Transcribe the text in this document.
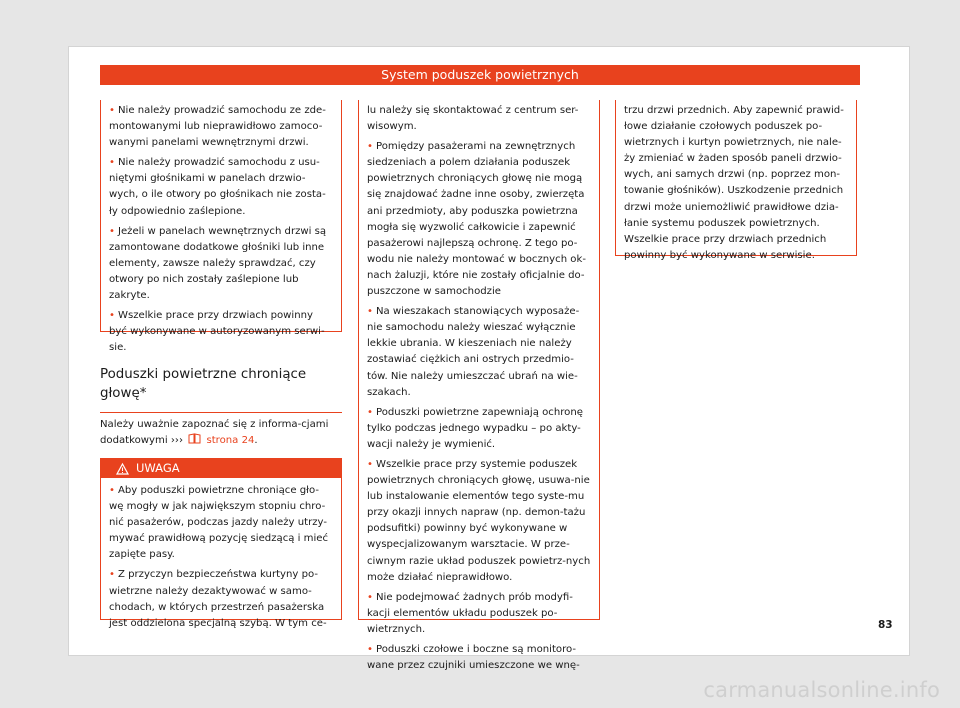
System poduszek powietrznych

• Nie należy prowadzić samochodu ze zde-montowanymi lub nieprawidłowo zamoco-wanymi panelami wewnętrznymi drzwi.

• Nie należy prowadzić samochodu z usu-niętymi głośnikami w panelach drzwio-wych, o ile otwory po głośnikach nie zosta-ły odpowiednio zaślepione.

• Jeżeli w panelach wewnętrznych drzwi są zamontowane dodatkowe głośniki lub inne elementy, zawsze należy sprawdzać, czy otwory po nich zostały zaślepione lub zakryte.

• Wszelkie prace przy drzwiach powinny być wykonywane w autoryzowanym serwi-sie.

Poduszki powietrzne chroniące głowę*
Należy uważnie zapoznać się z informa-cjami dodatkowymi ››› strona 24.
UWAGA

• Aby poduszki powietrzne chroniące gło-wę mogły w jak największym stopniu chro-nić pasażerów, podczas jazdy należy utrzy-mywać prawidłową pozycję siedzącą i mieć zapięte pasy.

• Z przyczyn bezpieczeństwa kurtyny po-wietrzne należy dezaktywować w samo-chodach, w których przestrzeń pasażerska jest oddzielona specjalną szybą. W tym ce-

lu należy się skontaktować z centrum ser-wisowym.

• Pomiędzy pasażerami na zewnętrznych siedzeniach a polem działania poduszek powietrznych chroniących głowę nie mogą się znajdować żadne inne osoby, zwierzęta ani przedmioty, aby poduszka powietrzna mogła się wyzwolić całkowicie i zapewnić pasażerowi najlepszą ochronę. Z tego po-wodu nie należy montować w bocznych ok-nach żaluzji, które nie zostały oficjalnie do-puszczone w samochodzie

• Na wieszakach stanowiących wyposaże-nie samochodu należy wieszać wyłącznie lekkie ubrania. W kieszeniach nie należy zostawiać ciężkich ani ostrych przedmio-tów. Nie należy umieszczać ubrań na wie-szakach.

• Poduszki powietrzne zapewniają ochronę tylko podczas jednego wypadku – po akty-wacji należy je wymienić.

• Wszelkie prace przy systemie poduszek powietrznych chroniących głowę, usuwa-nie lub instalowanie elementów tego syste-mu przy okazji innych napraw (np. demon-tażu podsufitki) powinny być wykonywane w wyspecjalizowanym warsztacie. W prze-ciwnym razie układ poduszek powietrz-nych może działać nieprawidłowo.

• Nie podejmować żadnych prób modyfi-kacji elementów układu poduszek po-wietrznych.

• Poduszki czołowe i boczne są monitoro-wane przez czujniki umieszczone we wnę-

trzu drzwi przednich. Aby zapewnić prawid-łowe działanie czołowych poduszek po-wietrznych i kurtyn powietrznych, nie nale-ży zmieniać w żaden sposób paneli drzwio-wych, ani samych drzwi (np. poprzez mon-towanie głośników). Uszkodzenie przednich drzwi może uniemożliwić prawidłowe dzia-łanie systemu poduszek powietrznych. Wszelkie prace przy drzwiach przednich powinny być wykonywane w serwisie.

83
carmanualsonline.info
